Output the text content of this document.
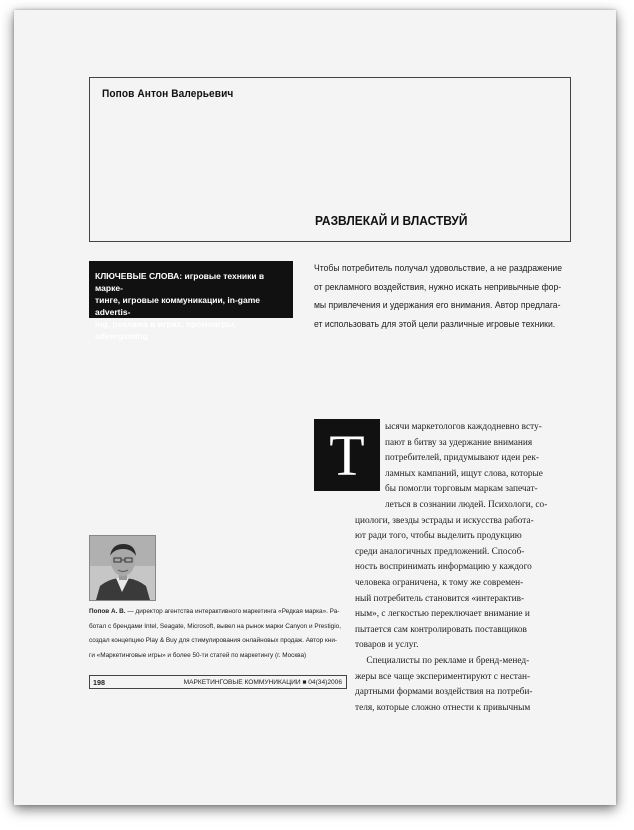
Попов Антон Валерьевич
РАЗВЛЕКАЙ И ВЛАСТВУЙ
КЛЮЧЕВЫЕ СЛОВА: игровые техники в марке-
тинге, игровые коммуникации, in-game advertis-
ing, реклама в играх, промоигры, advergaming
Чтобы потребитель получал удовольствие, а не раздражение
от рекламного воздействия, нужно искать непривычные фор-
мы привлечения и удержания его внимания. Автор предлага-
ет использовать для этой цели различные игровые техники.
Т	ысячи маркетологов каждодневно всту-
пают в битву за удержание внимания
потребителей, придумывают идеи рек-
ламных кампаний, ищут слова, которые
бы помогли торговым маркам запечат-
леться в сознании людей. Психологи, со-
циологи, звезды эстрады и искусства работа-
ют ради того, чтобы выделить продукцию
среди аналогичных предложений. Способ-
ность воспринимать информацию у каждого
человека ограничена, к тому же современ-
ный потребитель становится «интерактив-
ным», с легкостью переключает внимание и
пытается сам контролировать поставщиков
товаров и услуг.
Специалисты по рекламе и бренд-менед-
жеры все чаще экспериментируют с нестан-
дартными формами воздействия на потреби-
теля, которые сложно отнести к привычным
Попов А. В. — директор агентства интерактивного маркетинга «Редкая марка». Ра-
ботал с брендами Intel, Seagate, Microsoft, вывел на рынок марки Canyon и Prestigio,
создал концепцию Play & Buy для стимулирования онлайновых продаж. Автор кни-
ги «Маркетинговые игры» и более 50-ти статей по маркетингу (г. Москва)
198	МАРКЕТИНГОВЫЕ КОММУНИКАЦИИ ■ 04(34)2006
